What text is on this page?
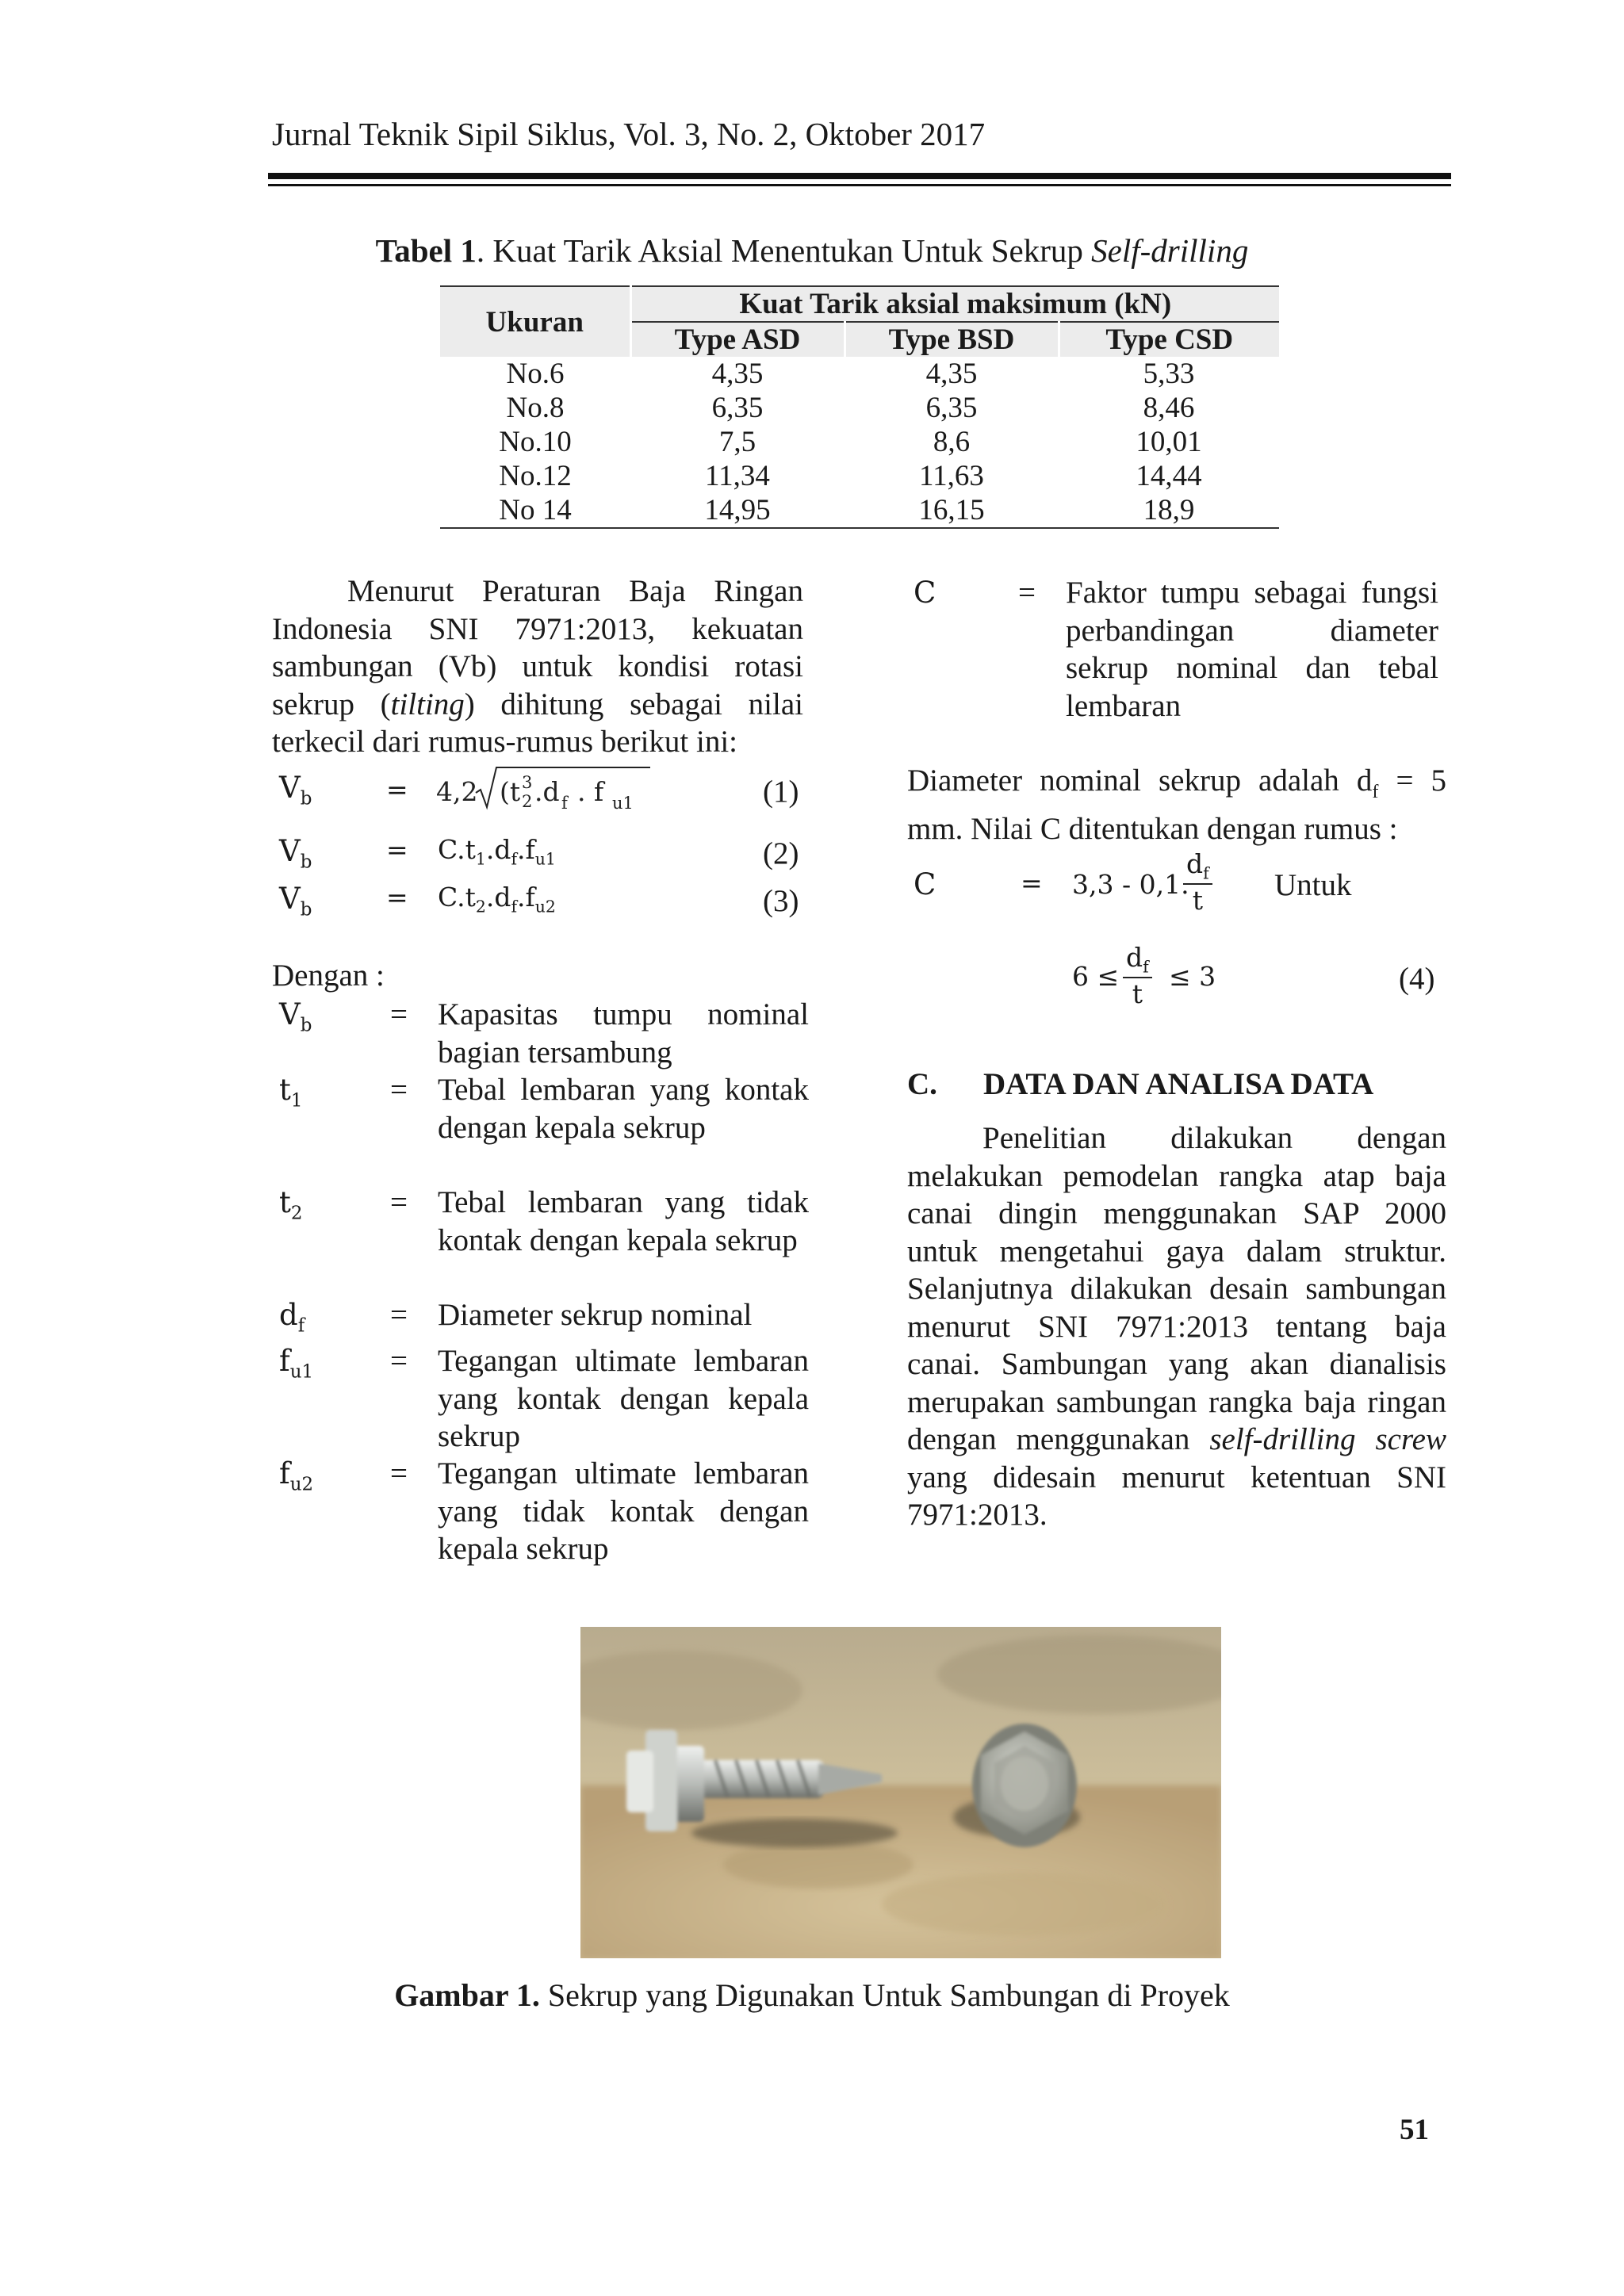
Jurnal Teknik Sipil Siklus, Vol. 3, No. 2, Oktober 2017
Tabel 1. Kuat Tarik Aksial Menentukan Untuk Sekrup Self-drilling
Ukuran	Kuat Tarik aksial maksimum (kN)		
	Type ASD	Type BSD	Type CSD
No.6	4,35	4,35	5,33
No.8	6,35	6,35	8,46
No.10	7,5	8,6	10,01
No.12	11,34	11,63	14,44
No 14	14,95	16,15	18,9
Menurut Peraturan Baja Ringan Indonesia SNI 7971:2013, kekuatan sambungan (Vb) untuk kondisi rotasi sekrup (tilting) dihitung sebagai nilai terkecil dari rumus-rumus berikut ini:
$V_b$	= 4,2 (t 3
2 .d f . f u1	(1)
$V_b$	= $C.t_1.d_f.f_{u1}$	(2)
$V_b$	= $C.t_2.d_f.f_{u2}$	(3)
Dengan :
$V_b$	= Kapasitas tumpu nominal bagian tersambung
$t_1$	= Tebal lembaran yang kontak dengan kepala sekrup
$t_2$	= Tebal lembaran yang tidak kontak dengan kepala sekrup
$d_f$	= Diameter sekrup nominal
$f_{u1}$ = Tegangan ultimate lembaran yang kontak dengan kepala sekrup
$f_{u2}$ = Tegangan ultimate lembaran yang tidak kontak dengan kepala sekrup
C	= Faktor tumpu sebagai fungsi perbandingan diameter sekrup nominal dan tebal lembaran
Diameter nominal sekrup adalah $d_f = 5$ mm. Nilai C ditentukan dengan rumus :
C	= 3,3 - 0,1.
$\frac{d_f}{t}$ Untuk
$6 \le \frac{d_f}{t} \le 3$	(4)
C. DATA DAN ANALISA DATA
Penelitian dilakukan dengan melakukan pemodelan rangka atap baja canai dingin menggunakan SAP 2000 untuk mengetahui gaya dalam struktur. Selanjutnya dilakukan desain sambungan menurut SNI 7971:2013 tentang baja canai. Sambungan yang akan dianalisis merupakan sambungan rangka baja ringan dengan menggunakan self-drilling screw yang didesain menurut ketentuan SNI 7971:2013.
Gambar 1. Sekrup yang Digunakan Untuk Sambungan di Proyek
51
